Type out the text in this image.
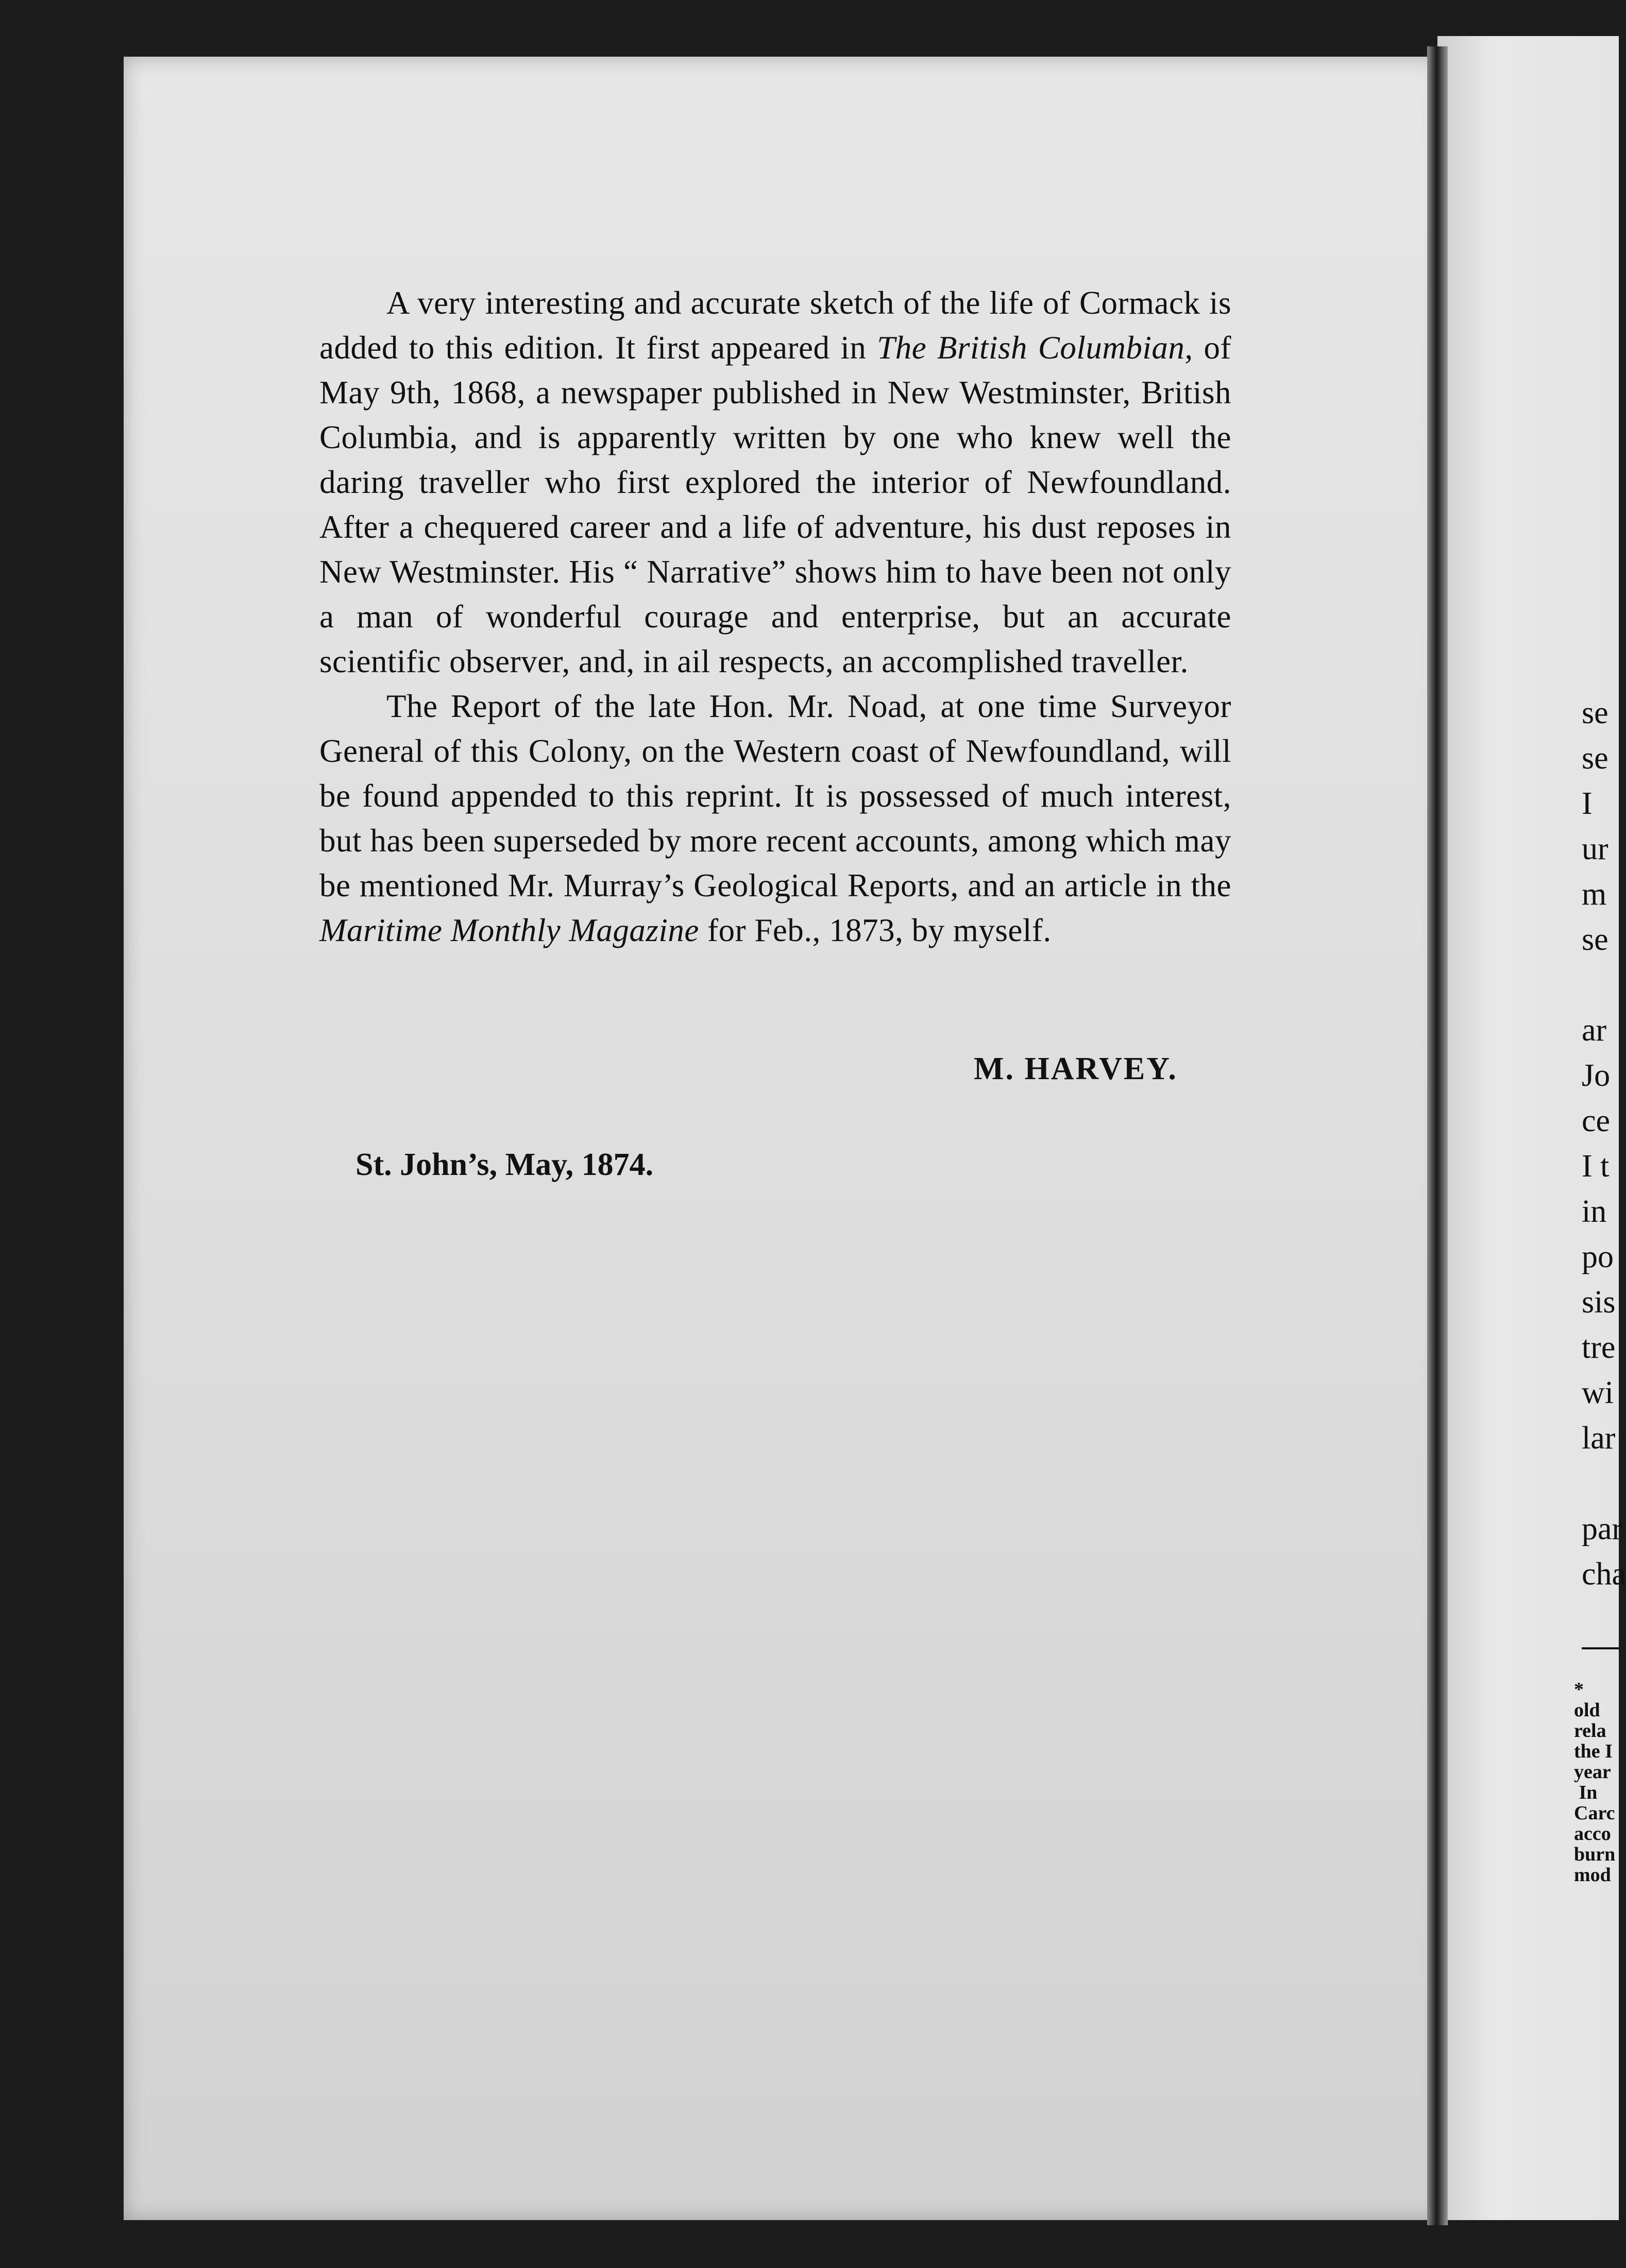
A very interesting and accurate sketch of the life of Cormack is added to this edition. It first appeared in The British Columbian, of May 9th, 1868, a newspaper published in New Westminster, British Columbia, and is apparently written by one who knew well the daring traveller who first explored the interior of Newfoundland. After a chequered career and a life of adventure, his dust reposes in New Westminster. His “ Narrative” shows him to have been not only a man of wonderful courage and enterprise, but an accurate scientific observer, and, in ail respects, an accomplished traveller.

The Report of the late Hon. Mr. Noad, at one time Surveyor General of this Colony, on the Western coast of Newfoundland, will be found appended to this reprint. It is possessed of much interest, but has been superseded by more recent accounts, among which may be mentioned Mr. Murray’s Geological Reports, and an article in the Maritime Monthly Magazine for Feb., 1873, by myself.

M. HARVEY.
St. John’s, May, 1874.
se
se
I
ur
m
se

ar
Jo
ce
I t
in
po
sis
tre
wi
lar

par
cha
*
old
rela
the I
year
In
Carc
acco
burn
mod
